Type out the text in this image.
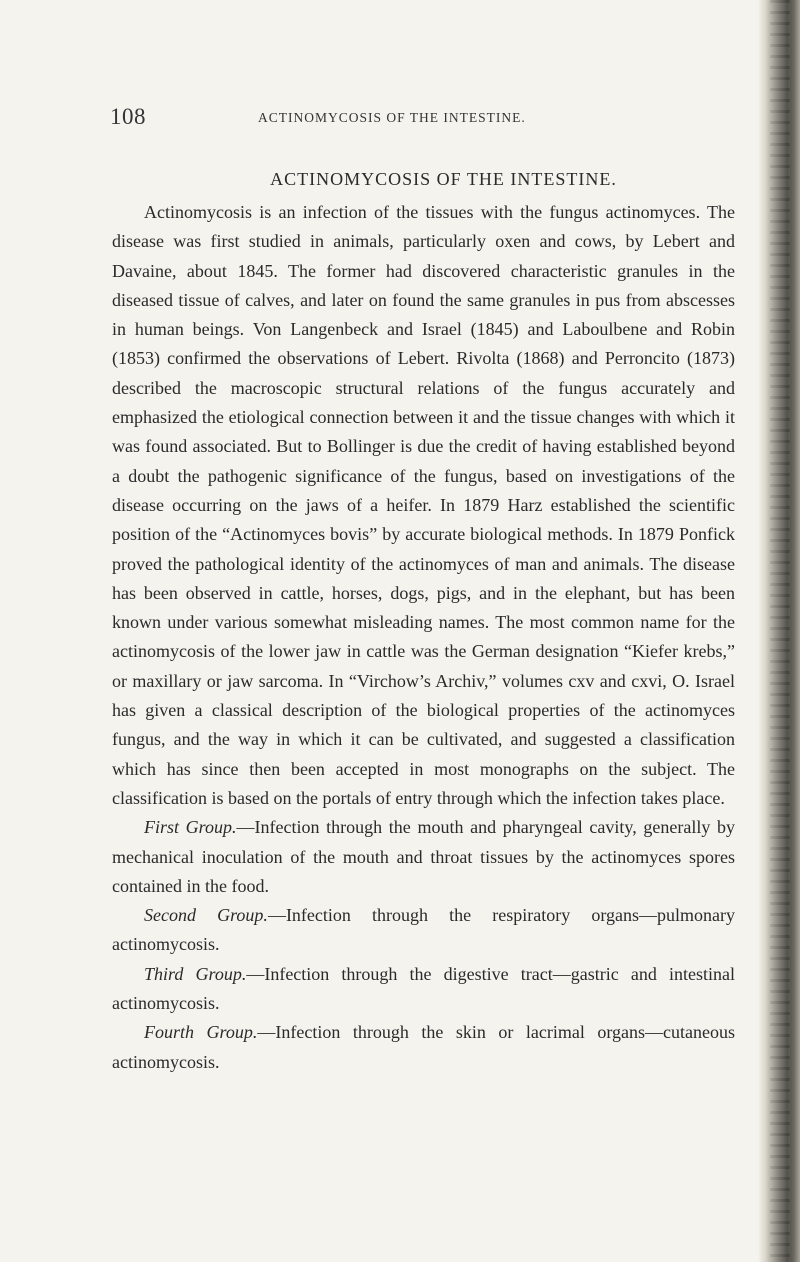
108	ACTINOMYCOSIS OF THE INTESTINE.
ACTINOMYCOSIS OF THE INTESTINE.

Actinomycosis is an infection of the tissues with the fungus actinomyces. The disease was first studied in animals, particularly oxen and cows, by Lebert and Davaine, about 1845. The former had discovered characteristic granules in the diseased tissue of calves, and later on found the same granules in pus from abscesses in human beings. Von Langenbeck and Israel (1845) and Laboulbene and Robin (1853) confirmed the observations of Lebert. Rivolta (1868) and Perroncito (1873) described the macroscopic structural relations of the fungus accurately and emphasized the etiological connection between it and the tissue changes with which it was found associated. But to Bollinger is due the credit of having established beyond a doubt the pathogenic significance of the fungus, based on investigations of the disease occurring on the jaws of a heifer. In 1879 Harz established the scientific position of the “Actinomyces bovis” by accurate biological methods. In 1879 Ponfick proved the pathological identity of the actinomyces of man and animals. The disease has been observed in cattle, horses, dogs, pigs, and in the elephant, but has been known under various somewhat misleading names. The most common name for the actinomycosis of the lower jaw in cattle was the German designation “Kiefer krebs,” or maxillary or jaw sarcoma. In “Virchow’s Archiv,” volumes cxv and cxvi, O. Israel has given a classical description of the biological properties of the actinomyces fungus, and the way in which it can be cultivated, and suggested a classification which has since then been accepted in most monographs on the subject. The classification is based on the portals of entry through which the infection takes place.

First Group.—Infection through the mouth and pharyngeal cavity, generally by mechanical inoculation of the mouth and throat tissues by the actinomyces spores contained in the food.

Second Group.—Infection through the respiratory organs—pulmonary actinomycosis.

Third Group.—Infection through the digestive tract—gastric and intestinal actinomycosis.

Fourth Group.—Infection through the skin or lacrimal organs—cutaneous actinomycosis.
